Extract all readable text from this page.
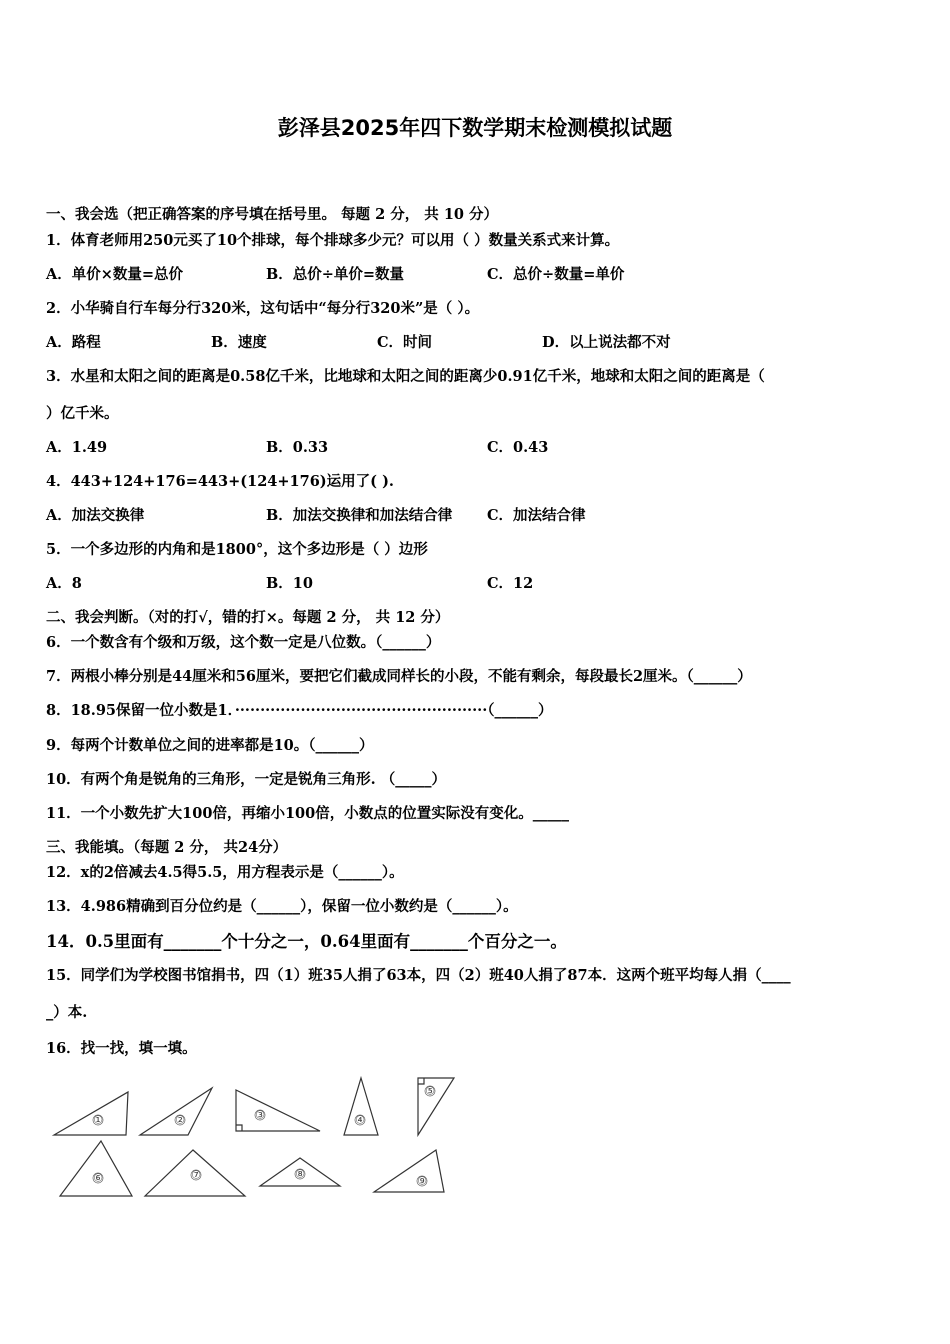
彭泽县2025年四下数学期末检测模拟试题
一、我会选（把正确答案的序号填在括号里。 每题 2 分， 共 10 分）
1．体育老师用250元买了10个排球，每个排球多少元？可以用（ ）数量关系式来计算。
A．单价×数量=总价	B．总价÷单价=数量	C．总价÷数量=单价
2．小华骑自行车每分行320米，这句话中“每分行320米”是（ ）。
A．路程	B．速度	C．时间	D．以上说法都不对
3．水星和太阳之间的距离是0.58亿千米，比地球和太阳之间的距离少0.91亿千米，地球和太阳之间的距离是（
）亿千米。
A．1.49	B．0.33	C．0.43
4．443+124+176=443+(124+176)运用了( ).
A．加法交换律	B．加法交换律和加法结合律 C．加法结合律
5．一个多边形的内角和是1800°，这个多边形是（ ）边形
A．8	B．10	C．12
二、我会判断。（对的打√，错的打×。每题 2 分， 共 12 分）
6．一个数含有个级和万级，这个数一定是八位数。（______）
7．两根小棒分别是44厘米和56厘米，要把它们截成同样长的小段，不能有剩余，每段最长2厘米。（______）
8．18.95保留一位小数是1．··················································（______）
9．每两个计数单位之间的进率都是10。（______）
10．有两个角是锐角的三角形，一定是锐角三角形. （_____）
11．一个小数先扩大100倍，再缩小100倍，小数点的位置实际没有变化。_____
三、我能填。（每题 2 分， 共24分）
12．x的2倍减去4.5得5.5，用方程表示是（______）。
13．4.986精确到百分位约是（______），保留一位小数约是（______）。
14．0.5里面有_______个十分之一，0.64里面有_______个百分之一。
15．同学们为学校图书馆捐书，四（1）班35人捐了63本，四（2）班40人捐了87本．这两个班平均每人捐（____
_）本.
16．找一找，填一填。
①	②	③	④
⑤
⑥	⑦	⑧
⑨
